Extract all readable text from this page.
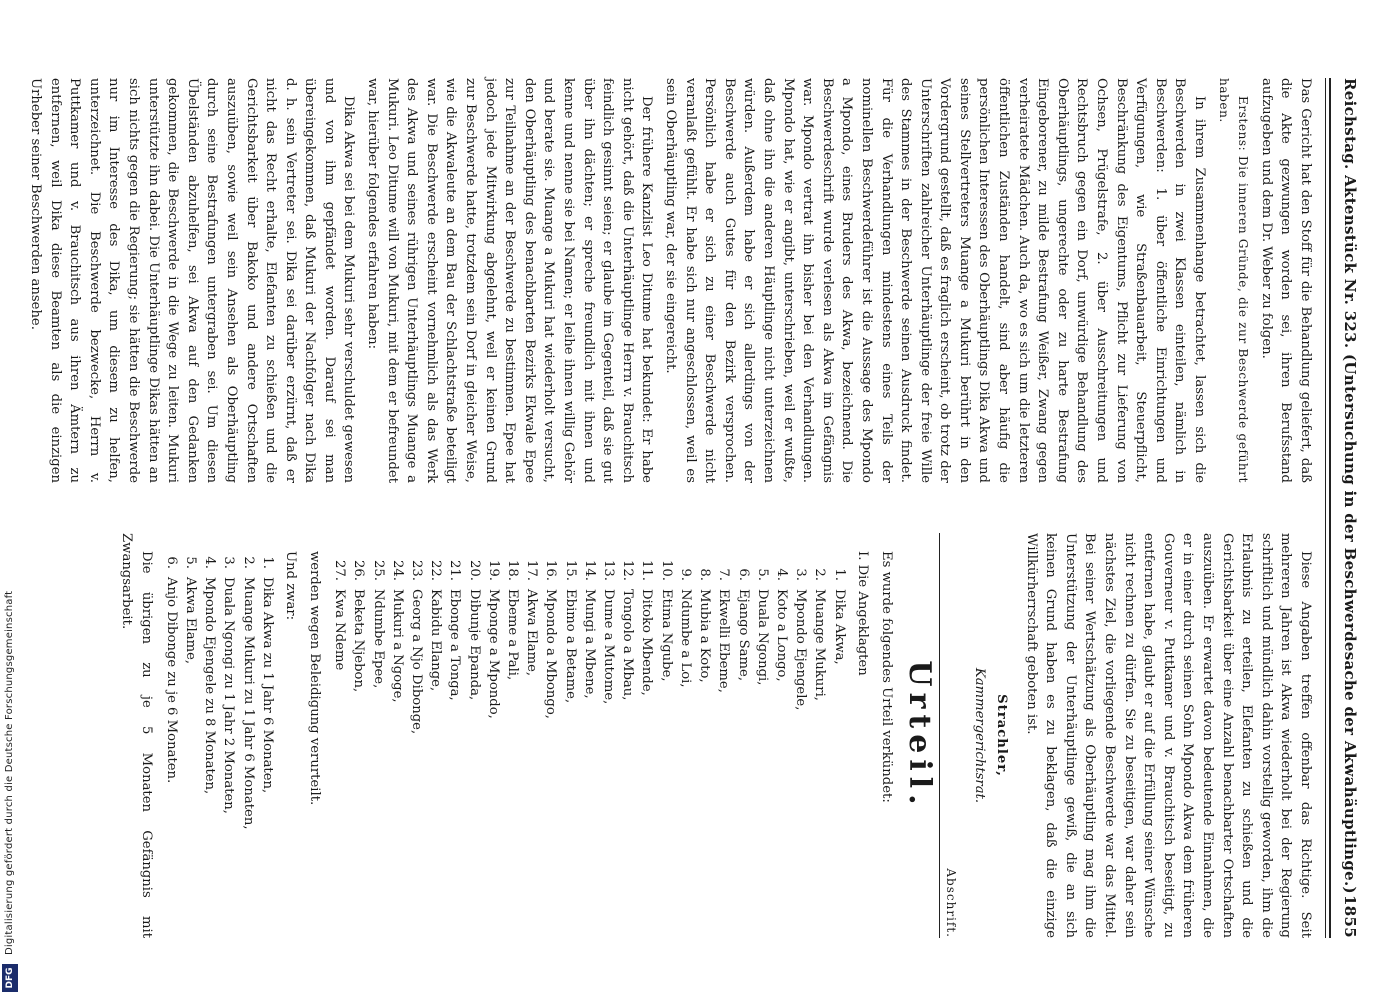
Reichstag. Aktenstück Nr. 323. (Untersuchung in der Beschwerdesache der Akwahäuptlinge.)
1855

Das Gericht hat den Stoff für die Behandlung geliefert, daß die Akte gezwungen worden sei, ihren Berufsstand aufzugeben und dem Dr. Weber zu folgen.

Erstens: Die inneren Gründe, die zur Beschwerde geführt haben.

In ihrem Zusammenhange betrachtet, lassen sich die Beschwerden in zwei Klassen einteilen, nämlich in Beschwerden: 1. über öffentliche Einrichtungen und Verfügungen, wie Straßenbauarbeit, Steuerpflicht, Beschränkung des Eigentums, Pflicht zur Lieferung von Ochsen, Prügelstrafe, 2. über Ausschreitungen und Rechtsbruch gegen ein Dorf, unwürdige Behandlung des Oberhäuptlings, ungerechte oder zu harte Bestrafung Eingeborener, zu milde Bestrafung Weißer, Zwang gegen verheiratete Mädchen. Auch da, wo es sich um die letzteren öffentlichen Zuständen handelt, sind aber häufig die persönlichen Interessen des Oberhäuptlings Dika Akwa und seines Stellvertreters Muange a Mukuri berührt in den Vordergrund gestellt, daß es fraglich erscheint, ob trotz der Unterschriften zahlreicher Unterhäuptlinge der freie Wille des Stammes in der Beschwerde seinen Ausdruck findet. Für die Verhandlungen mindestens eines Teils der nominellen Beschwerdeführer ist die Aussage des Mpondo a Mpondo, eines Bruders des Akwa, bezeichnend. Die Beschwerdeschrift wurde verlesen als Akwa im Gefängnis war. Mpondo vertrat ihn bisher bei den Verhandlungen. Mpondo hat, wie er angibt, unterschrieben, weil er wußte, daß ohne ihn die anderen Häuptlinge nicht unterzeichnen würden. Außerdem habe er sich allerdings von der Beschwerde auch Gutes für den Bezirk versprochen. Persönlich habe er sich zu einer Beschwerde nicht veranlaßt gefühlt. Er habe sich nur angeschlossen, weil es sein Oberhäuptling war, der sie eingereicht.

Der frühere Kanzlist Leo Ditume hat bekundet: Er habe nicht gehört, daß die Unterhäuptlinge Herrn v. Brauchitsch feindlich gesinnt seien; er glaube im Gegenteil, daß sie gut über ihn dächten; er spreche freundlich mit ihnen und kenne und nenne sie bei Namen; er leihe ihnen willig Gehör und berate sie. Muange a Mukuri hat wiederholt versucht, den Oberhäuptling des benachbarten Bezirks Ekwale Epee zur Teilnahme an der Beschwerde zu bestimmen. Epee hat jedoch jede Mitwirkung abgelehnt, weil er keinen Grund zur Beschwerde hatte, trotzdem sein Dorf in gleicher Weise, wie die Akwaleute an dem Bau der Schlachtstraße beteiligt war. Die Beschwerde erscheint vornehmlich als das Werk des Akwa und seines rührigen Unterhäuptlings Muange a Mukuri. Leo Ditume will von Mukuri, mit dem er befreundet war, hierüber folgendes erfahren haben:

Dika Akwa sei bei dem Mukuri sehr verschuldet gewesen und von ihm gepfändet worden. Darauf sei man übereingekommen, daß Mukuri der Nachfolger nach Dika d. h. sein Vertreter sei. Dika sei darüber erzürnt, daß er nicht das Recht erhalte, Elefanten zu schießen und die Gerichtsbarkeit über Bakoko und andere Ortschaften auszuüben, sowie weil sein Ansehen als Oberhäuptling durch seine Bestrafungen untergraben sei. Um diesen Übelständen abzuhelfen, sei Akwa auf den Gedanken gekommen, die Beschwerde in die Wege zu leiten. Mukuri unterstützte ihn dabei. Die Unterhäuptlinge Dikas hätten an sich nichts gegen die Regierung; sie hätten die Beschwerde nur im Interesse des Dika, um diesem zu helfen, unterzeichnet. Die Beschwerde bezwecke, Herrn v. Puttkamer und v. Brauchitsch aus ihren Ämtern zu entfernen, weil Dika diese Beamten als die einzigen Urheber seiner Beschwerden ansehe.

Diese Angaben treffen offenbar das Richtige. Seit mehreren Jahren ist Akwa wiederholt bei der Regierung schriftlich und mündlich dahin vorstellig geworden, ihm die Erlaubnis zu erteilen, Elefanten zu schießen und die Gerichtsbarkeit über eine Anzahl benachbarter Ortschaften auszuüben. Er erwartet davon bedeutende Einnahmen, die er in einer durch seinen Sohn Mpondo Akwa dem früheren Gouverneur v. Puttkamer und v. Brauchitsch beseitigt, zu entfernen habe, glaubt er auf die Erfüllung seiner Wünsche nicht rechnen zu dürfen. Sie zu beseitigen, war daher sein nächstes Ziel, die vorliegende Beschwerde war das Mittel. Bei seiner Wertschätzung als Oberhäuptling mag ihm die Unterstützung der Unterhäuptlinge gewiß, die an sich keinen Grund haben es zu beklagen, daß die einzige Willkürherrschaft geboten ist.

Strachler,
Kammergerichtsrat.
Abschrift.
Urteil.

Es wurde folgendes Urteil verkündet:

I. Die Angeklagten

1.
Dika Akwa,
2.
Muange Mukuri,
3.
Mpondo Ejengele,
4.
Koto a Longo,
5.
Duala Ngongi,
6.
Ejango Same,
7.
Ekwelli Ebeme,
8.
Mubia a Koto,
9.
Ndumbe a Loi,
10.
Etima Ngube,
11.
Ditoko Mbende,
12.
Tongolo a Mbau,
13.
Dume a Mutome,
14.
Mungi a Mbene,
15.
Ebimo a Betame,
16.
Mpondo a Mbongo,
17.
Akwa Elame,
18.
Ebeme a Pali,
19.
Mponge a Mpondo,
20.
Dibunje Epanda,
21.
Ebonge a Tonga,
22.
Kabidu Elange,
23.
Georg a Njo Dibonge,
24.
Mukuri a Ngoge,
25.
Ndumbe Epee,
26.
Beketa Njebon,
27.
Kwa Ndeme

werden wegen Beleidigung verurteilt.

Und zwar:

1.
Dika Akwa zu 1 Jahr 6 Monaten,
2.
Muange Mukuri zu 1 Jahr 6 Monaten,
3.
Duala Ngongi zu 1 Jahr 2 Monaten,
4.
Mpondo Ejengele zu 8 Monaten,
5.
Akwa Elame,
6.
Anjo Dibonge zu je 6 Monaten.

Die übrigen zu je 5 Monaten Gefängnis mit Zwangsarbeit.

Digitalisierung gefördert durch die Deutsche Forschungsgemeinschaft
DFG
